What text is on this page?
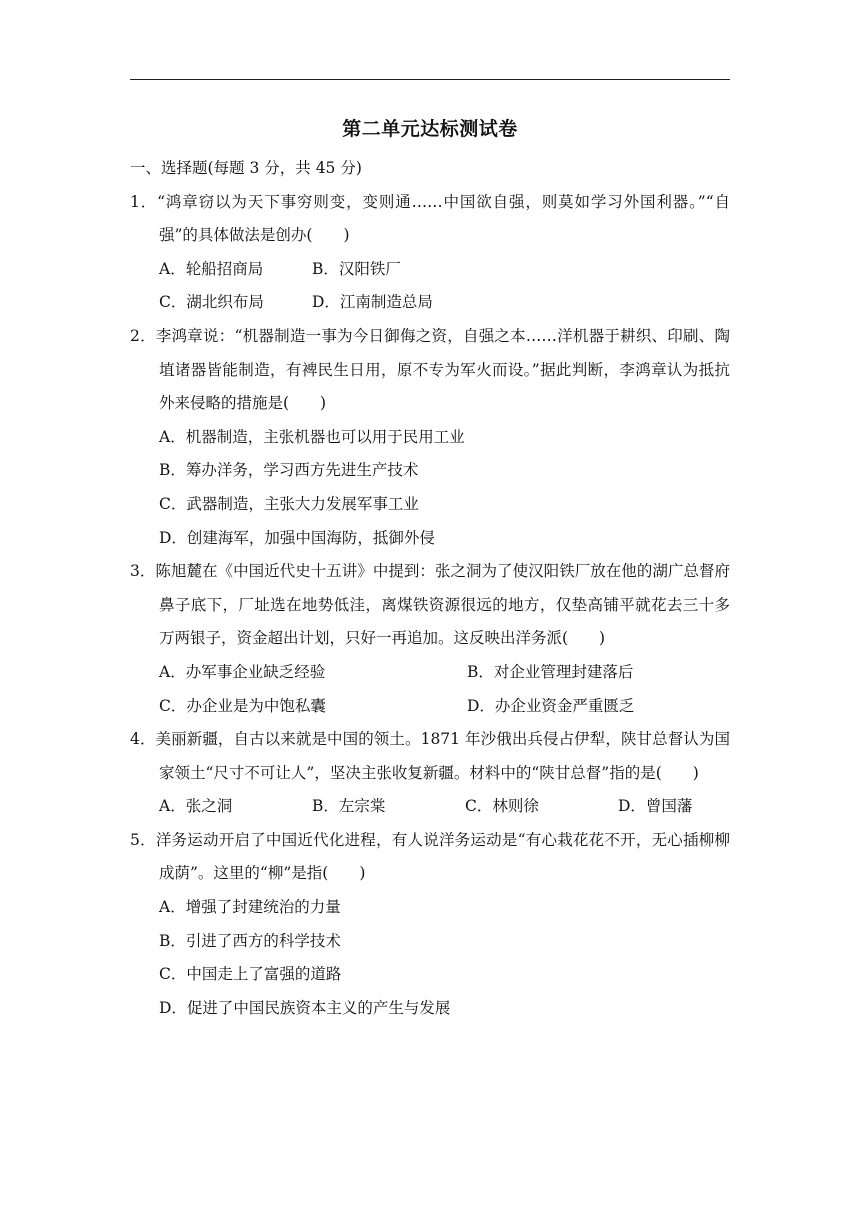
第二单元达标测试卷
一、选择题(每题 3 分，共 45 分)
1．“鸿章窃以为天下事穷则变，变则通……中国欲自强，则莫如学习外国利器。”“自强”的具体做法是创办(　　)
A．轮船招商局	B．汉阳铁厂
C．湖北织布局	D．江南制造总局
2．李鸿章说：“机器制造一事为今日御侮之资，自强之本……洋机器于耕织、印刷、陶埴诸器皆能制造，有裨民生日用，原不专为军火而设。”据此判断，李鸿章认为抵抗外来侵略的措施是(　　)
A．机器制造，主张机器也可以用于民用工业
B．筹办洋务，学习西方先进生产技术
C．武器制造，主张大力发展军事工业
D．创建海军，加强中国海防，抵御外侵
3．陈旭麓在《中国近代史十五讲》中提到：张之洞为了使汉阳铁厂放在他的湖广总督府鼻子底下，厂址选在地势低洼，离煤铁资源很远的地方，仅垫高铺平就花去三十多万两银子，资金超出计划，只好一再追加。这反映出洋务派(　　)
A．办军事企业缺乏经验	B．对企业管理封建落后
C．办企业是为中饱私囊	D．办企业资金严重匮乏
4．美丽新疆，自古以来就是中国的领土。1871 年沙俄出兵侵占伊犁，陕甘总督认为国家领土“尺寸不可让人”，坚决主张收复新疆。材料中的“陕甘总督”指的是(　　)
A．张之洞	B．左宗棠	C．林则徐	D．曾国藩
5．洋务运动开启了中国近代化进程，有人说洋务运动是“有心栽花花不开，无心插柳柳成荫”。这里的“柳”是指(　　)
A．增强了封建统治的力量
B．引进了西方的科学技术
C．中国走上了富强的道路
D．促进了中国民族资本主义的产生与发展
